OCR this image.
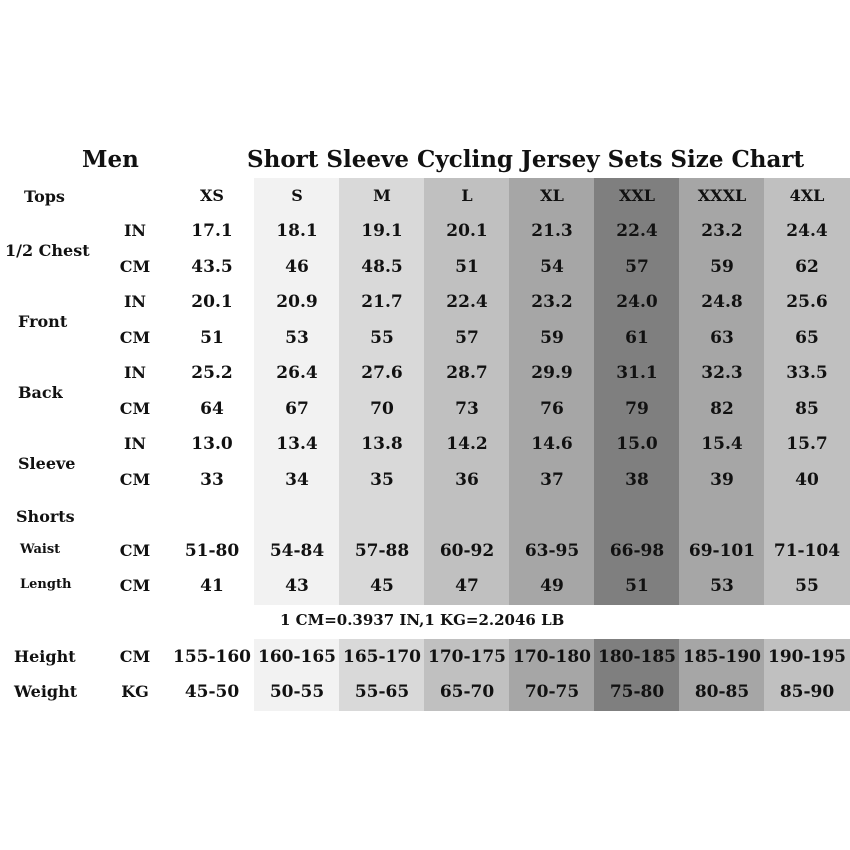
Men	Short Sleeve Cycling Jersey Sets Size Chart
Tops	XS	S	M	L	XL	XXL	XXXL	4XL
1/2 Chest
IN	17.1	18.1	19.1	20.1	21.3	22.4	23.2	24.4
CM	43.5	46	48.5	51	54	57	59	62
Front
IN	20.1	20.9	21.7	22.4	23.2	24.0	24.8	25.6
CM	51	53	55	57	59	61	63	65
Back
IN	25.2	26.4	27.6	28.7	29.9	31.1	32.3	33.5
CM	64	67	70	73	76	79	82	85
Sleeve
IN	13.0	13.4	13.8	14.2	14.6	15.0	15.4	15.7
CM	33	34	35	36	37	38	39	40
Shorts
Waist	CM	51-80	54-84	57-88	60-92	63-95	66-98	69-101	71-104
Length	CM	41	43	45	47	49	51	53	55
1 CM=0.3937 IN,1 KG=2.2046 LB
Height	CM	155-160 160-165 165-170 170-175 170-180 180-185 185-190 190-195
Weight	KG	45-50	50-55	55-65	65-70	70-75	75-80	80-85	85-90
